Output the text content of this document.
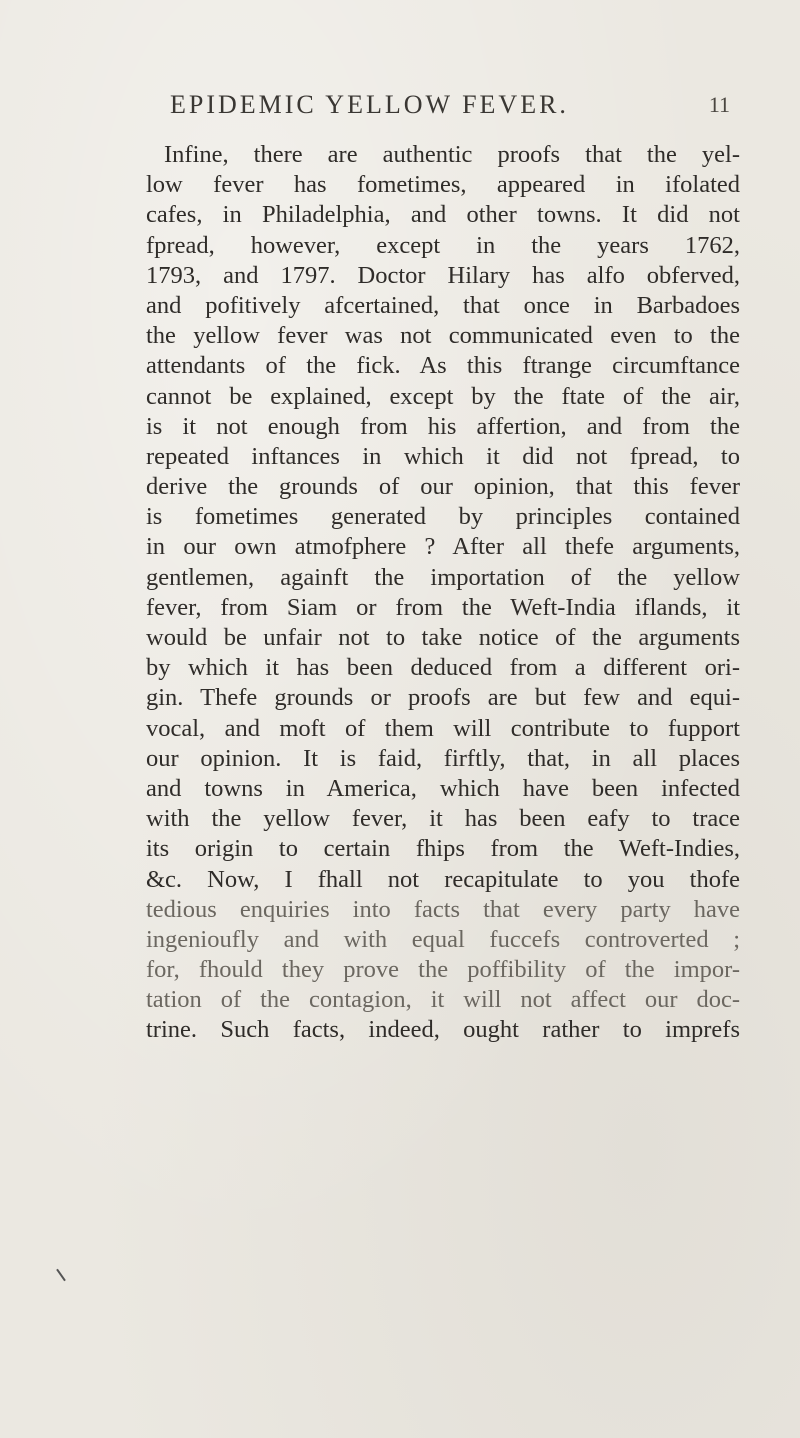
EPIDEMIC YELLOW FEVER.	11
Infine, there are authentic proofs that the yel-
low fever has fometimes, appeared in ifolated
cafes, in Philadelphia, and other towns. It did not
fpread, however, except in the years 1762,
1793, and 1797. Doctor Hilary has alfo obferved,
and pofitively afcertained, that once in Barbadoes
the yellow fever was not communicated even to the
attendants of the fick. As this ftrange circumftance
cannot be explained, except by the ftate of the air,
is it not enough from his affertion, and from the
repeated inftances in which it did not fpread, to
derive the grounds of our opinion, that this fever
is fometimes generated by principles contained
in our own atmofphere ? After all thefe arguments,
gentlemen, againft the importation of the yellow
fever, from Siam or from the Weft-India iflands, it
would be unfair not to take notice of the arguments
by which it has been deduced from a different ori-
gin. Thefe grounds or proofs are but few and equi-
vocal, and moft of them will contribute to fupport
our opinion. It is faid, firftly, that, in all places
and towns in America, which have been infected
with the yellow fever, it has been eafy to trace
its origin to certain fhips from the Weft-Indies,
&c. Now, I fhall not recapitulate to you thofe
tedious enquiries into facts that every party have
ingenioufly and with equal fuccefs controverted ;
for, fhould they prove the poffibility of the impor-
tation of the contagion, it will not affect our doc-
trine. Such facts, indeed, ought rather to imprefs
